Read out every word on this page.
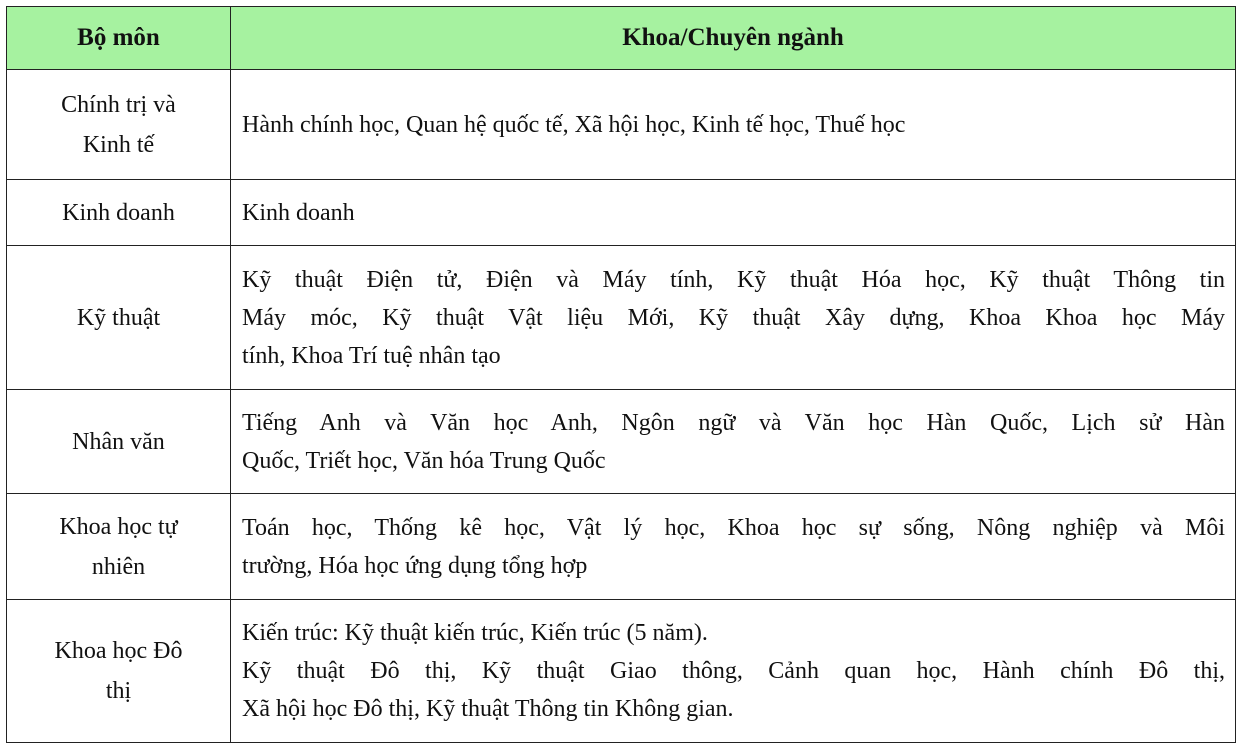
Bộ môn	Khoa/Chuyên ngành

Chính trị và
Kinh tế	Hành chính học, Quan hệ quốc tế, Xã hội học, Kinh tế học, Thuế học

Kinh doanh	Kinh doanh

Kỹ thuật	Kỹ thuật Điện tử, Điện và Máy tính, Kỹ thuật Hóa học, Kỹ thuật Thông tin
Máy móc, Kỹ thuật Vật liệu Mới, Kỹ thuật Xây dựng, Khoa Khoa học Máy
tính, Khoa Trí tuệ nhân tạo

Nhân văn	Tiếng Anh và Văn học Anh, Ngôn ngữ và Văn học Hàn Quốc, Lịch sử Hàn
Quốc, Triết học, Văn hóa Trung Quốc

Khoa học tự
nhiên	Toán học, Thống kê học, Vật lý học, Khoa học sự sống, Nông nghiệp và Môi
trường, Hóa học ứng dụng tổng hợp

Khoa học Đô
thị	Kiến trúc: Kỹ thuật kiến trúc, Kiến trúc (5 năm).
Kỹ thuật Đô thị, Kỹ thuật Giao thông, Cảnh quan học, Hành chính Đô thị,
Xã hội học Đô thị, Kỹ thuật Thông tin Không gian.
